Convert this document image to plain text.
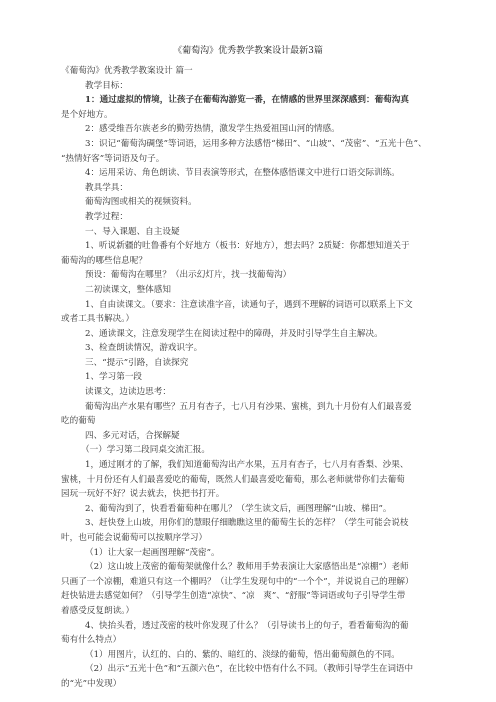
《葡萄沟》优秀教学教案设计最新3篇
《葡萄沟》优秀教学教案设计 篇一
教学目标：
1：通过虚拟的情境，让孩子在葡萄沟游览一番，在情感的世界里深深感到：葡萄沟真
是个好地方。
2：感受维吾尔族老乡的勤劳热情，激发学生热爱祖国山河的情感。
3：识记“葡萄沟碉堡”等词语，运用多种方法感悟“梯田”、“山坡”、“茂密”、“五光十色”、
“热情好客”等词语及句子。
4：运用采访、角色朗读、节目表演等形式，在整体感悟课文中进行口语交际训练。
教具学具：
葡萄沟图或相关的视频资料。
教学过程：
一、导入课题、自主设疑
1、听说新疆的吐鲁番有个好地方（板书：好地方），想去吗？2质疑：你都想知道关于
葡萄沟的哪些信息呢？
预设：葡萄沟在哪里？（出示幻灯片，找一找葡萄沟）
二初读课文，整体感知
1、自由读课文。（要求：注意读准字音，读通句子，遇到不理解的词语可以联系上下文
或者工具书解决。）
2、通读课文，注意发现学生在阅读过程中的障碍，并及时引导学生自主解决。
3、检查朗读情况，游戏识字。
三、“提示”引路，自读探究
1、学习第一段
读课文，边读边思考：
葡萄沟出产水果有哪些？五月有杏子，七八月有沙果、蜜桃，到九十月份有人们最喜爱
吃的葡萄
四、多元对话，合探解疑
（一）学习第二段同桌交流汇报。
1，通过刚才的了解，我们知道葡萄沟出产水果，五月有杏子，七八月有香梨、沙果、
蜜桃，十月份还有人们最喜爱吃的葡萄，既然人们最喜爱吃葡萄，那么老师就带你们去葡萄
园玩一玩好不好？说去就去，快把书打开。
2、葡萄沟到了，快看看葡萄种在哪儿？（学生读文后，画图理解“山坡、梯田”。
3、赶快登上山坡，用你们的慧眼仔细瞧瞧这里的葡萄生长的怎样？（学生可能会说枝
叶，也可能会说葡萄可以按顺序学习）
（1）让大家一起画图理解“茂密”。
（2）这山坡上茂密的葡萄架就像什么？教师用手势表演让大家感悟出是“凉棚”）老师
只画了一个凉棚，难道只有这一个棚吗？（让学生发现句中的“一个个”，并说说自己的理解）
赶快钻进去感觉如何？（引导学生创造“凉快”、“凉　爽”、“舒服”等词语或句子引导学生带
着感受反复朗读。）
4、快抬头看，透过茂密的枝叶你发现了什么？（引导读书上的句子，看看葡萄沟的葡
萄有什么特点）
（1）用图片，认红的、白的、紫的、暗红的、淡绿的葡萄，悟出葡萄颜色的不同。
（2）出示“五光十色”和“五颜六色”，在比较中悟有什么不同。（教师引导学生在词语中
的“光”中发现）
